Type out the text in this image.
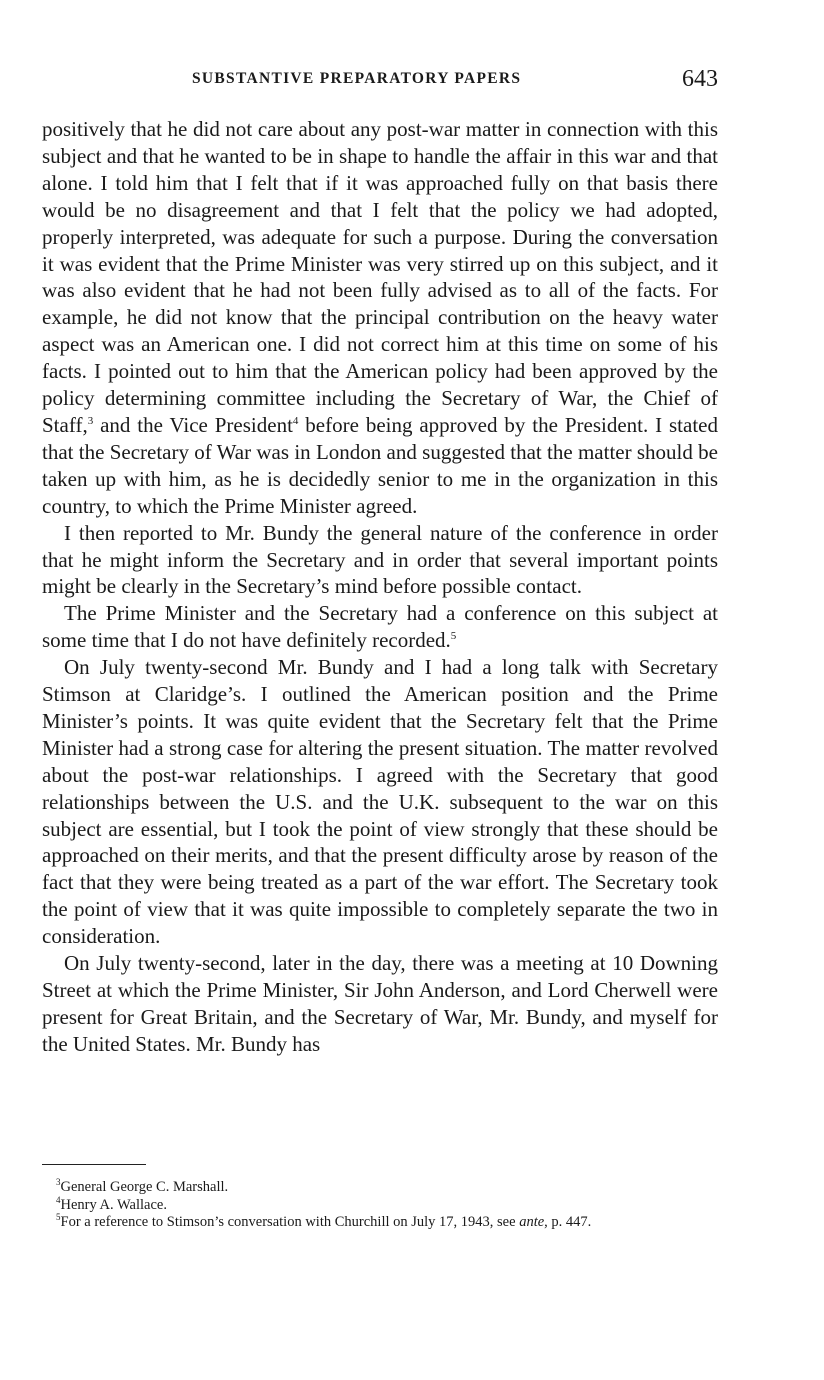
SUBSTANTIVE PREPARATORY PAPERS	643

positively that he did not care about any post-war matter in connection with this subject and that he wanted to be in shape to handle the affair in this war and that alone. I told him that I felt that if it was approached fully on that basis there would be no disagreement and that I felt that the policy we had adopted, properly interpreted, was adequate for such a purpose. During the conversation it was evident that the Prime Minister was very stirred up on this subject, and it was also evident that he had not been fully advised as to all of the facts. For example, he did not know that the principal contribution on the heavy water aspect was an American one. I did not correct him at this time on some of his facts. I pointed out to him that the American policy had been approved by the policy determining committee including the Secretary of War, the Chief of Staff,$^3$ and the Vice President$^4$ before being approved by the President. I stated that the Secretary of War was in London and suggested that the matter should be taken up with him, as he is decidedly senior to me in the organization in this country, to which the Prime Minister agreed.

I then reported to Mr. Bundy the general nature of the conference in order that he might inform the Secretary and in order that several important points might be clearly in the Secretary’s mind before possible contact.

The Prime Minister and the Secretary had a conference on this subject at some time that I do not have definitely recorded.$^5$

On July twenty-second Mr. Bundy and I had a long talk with Secretary Stimson at Claridge’s. I outlined the American position and the Prime Minister’s points. It was quite evident that the Secretary felt that the Prime Minister had a strong case for altering the present situation. The matter revolved about the post-war relationships. I agreed with the Secretary that good relationships between the U.S. and the U.K. subsequent to the war on this subject are essential, but I took the point of view strongly that these should be approached on their merits, and that the present difficulty arose by reason of the fact that they were being treated as a part of the war effort. The Secretary took the point of view that it was quite impossible to completely separate the two in consideration.

On July twenty-second, later in the day, there was a meeting at 10 Downing Street at which the Prime Minister, Sir John Anderson, and Lord Cherwell were present for Great Britain, and the Secretary of War, Mr. Bundy, and myself for the United States. Mr. Bundy has

$^3$General George C. Marshall.

$^4$Henry A. Wallace.

$^5$For a reference to Stimson’s conversation with Churchill on July 17, 1943, see ante, p. 447.
